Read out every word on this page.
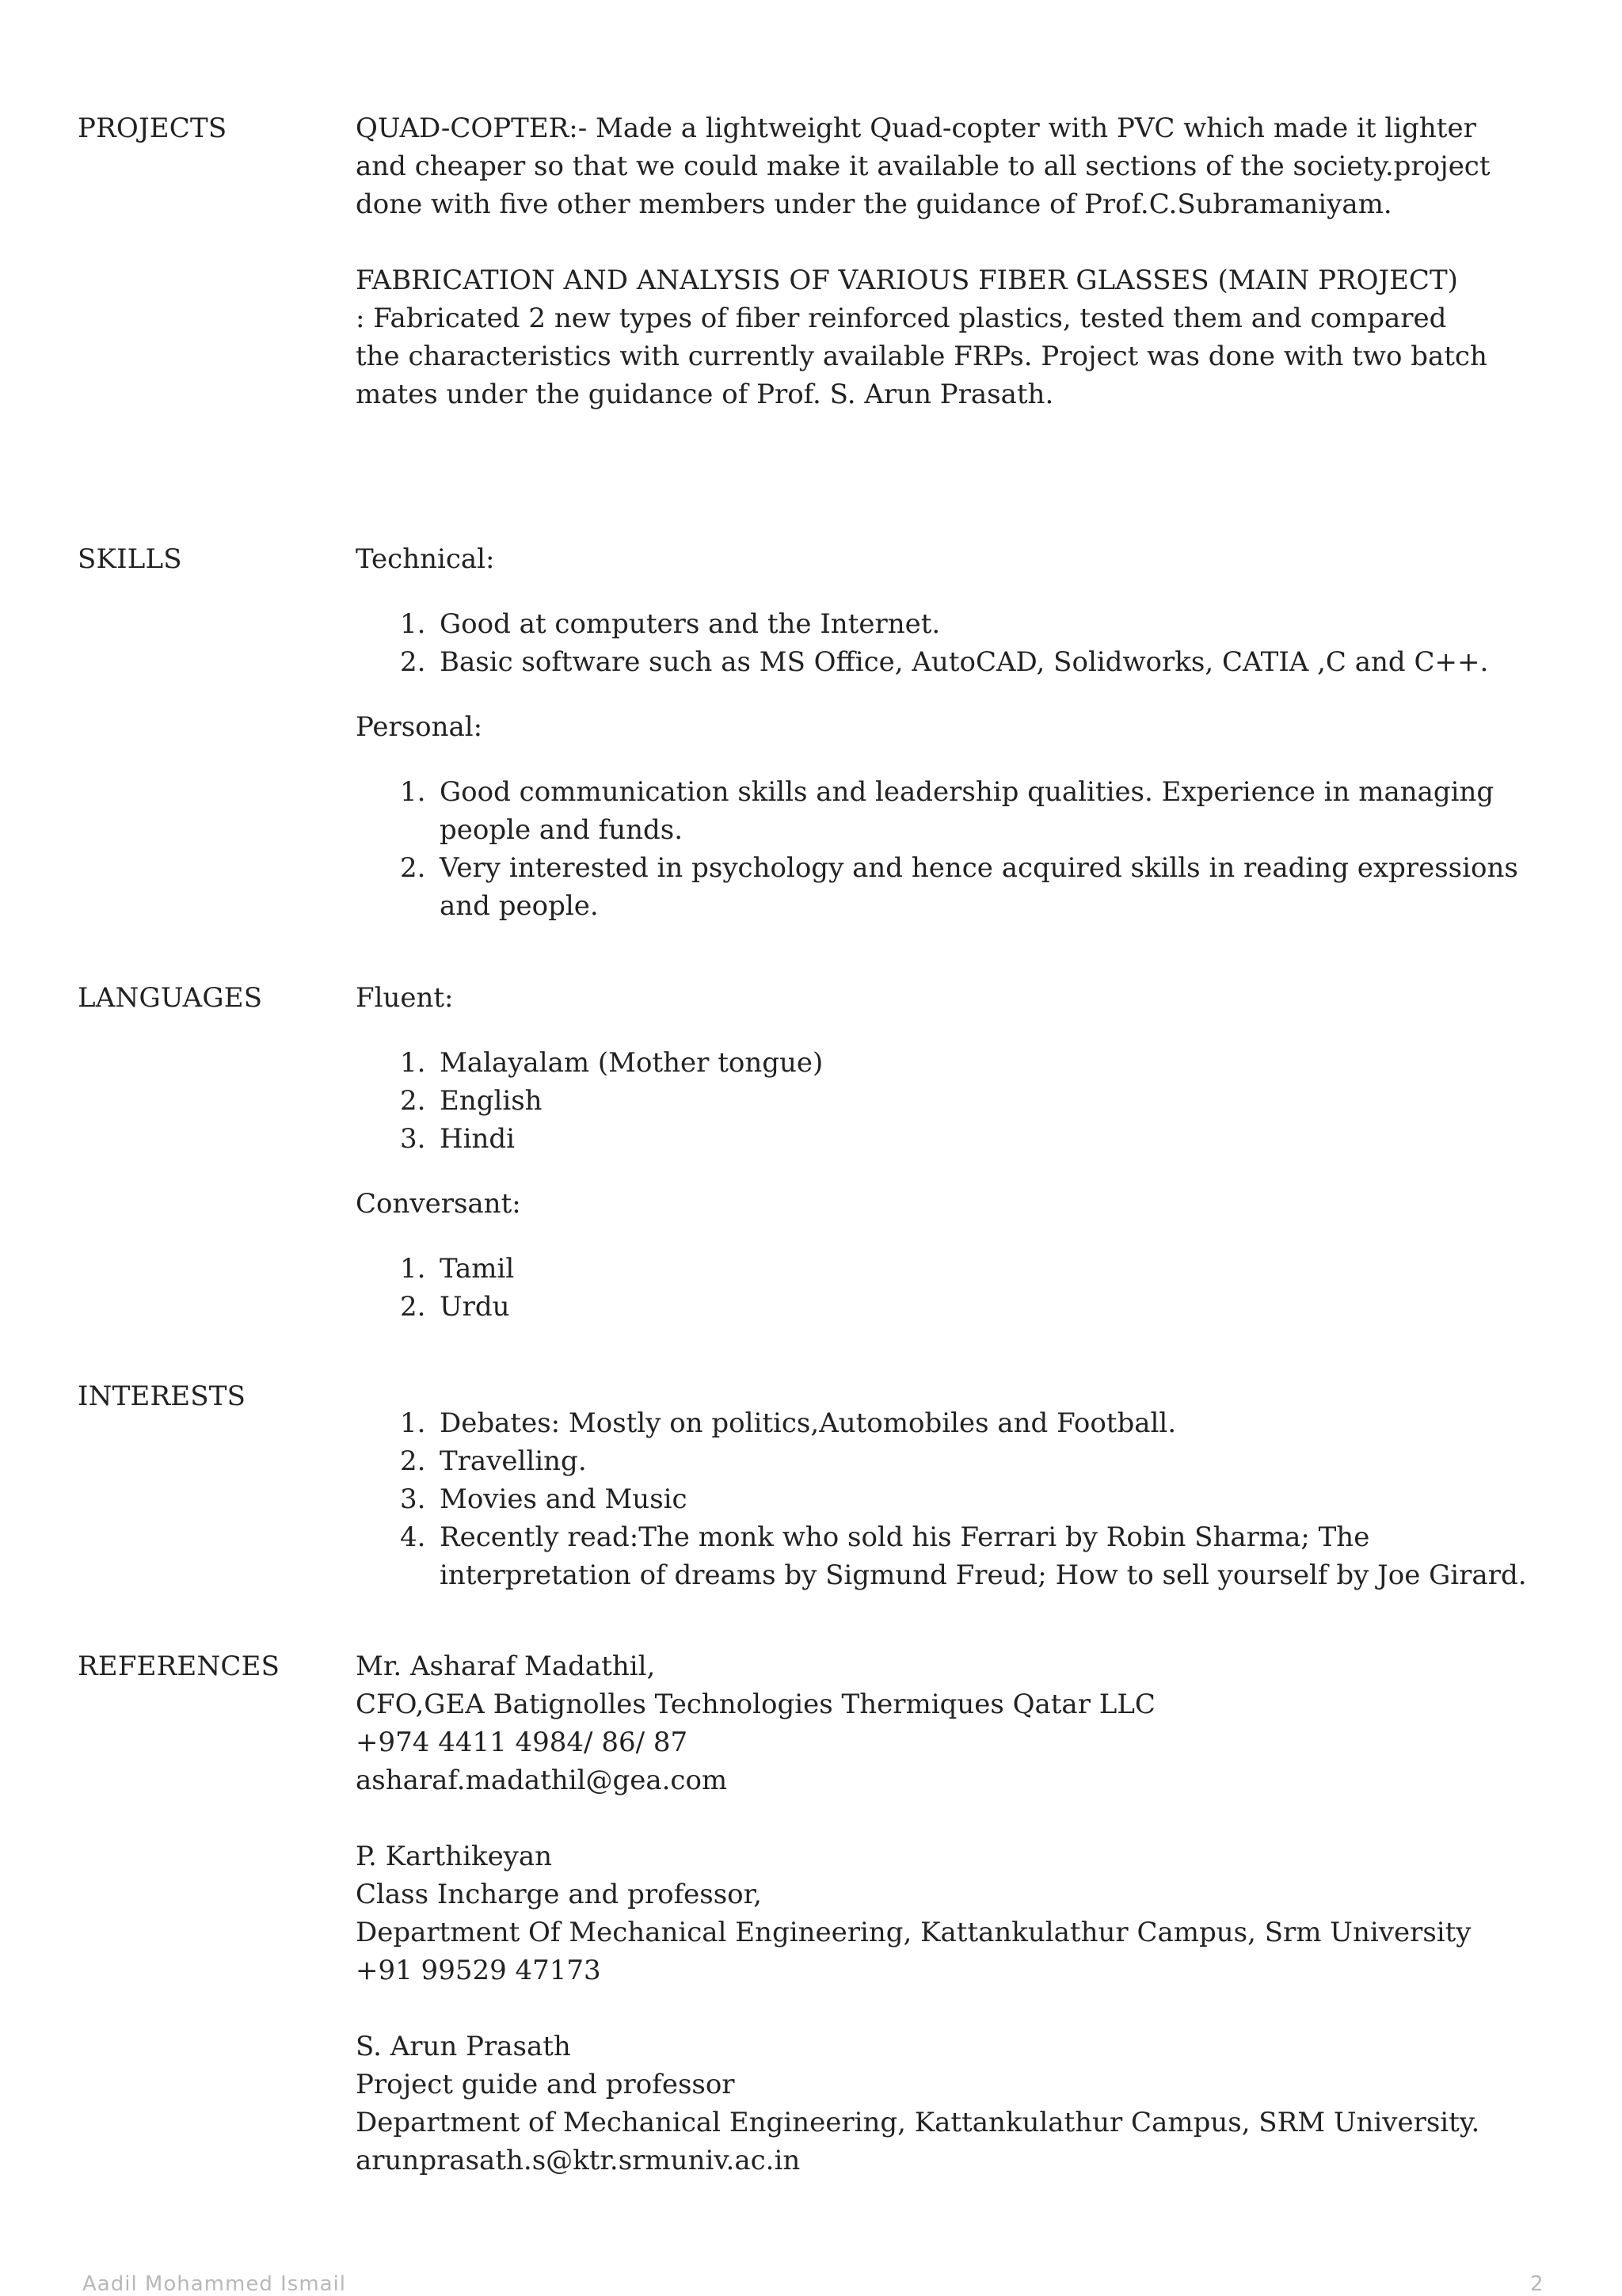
PROJECTS	QUAD-COPTER:- Made a lightweight Quad-copter with PVC which made it lighter and cheaper so that we could make it available to all sections of the society.project done with five other members under the guidance of Prof.C.Subramaniyam.

FABRICATION AND ANALYSIS OF VARIOUS FIBER GLASSES (MAIN PROJECT)
: Fabricated 2 new types of fiber reinforced plastics, tested them and compared
the characteristics with currently available FRPs. Project was done with two batch
mates under the guidance of Prof. S. Arun Prasath.
SKILLS	Technical:

1. Good at computers and the Internet.
2. Basic software such as MS Office, AutoCAD, Solidworks, CATIA ,C and C++.

Personal:

1. Good communication skills and leadership qualities. Experience in managing people and funds.
2. Very interested in psychology and hence acquired skills in reading expressions and people.
LANGUAGES	Fluent:

1. Malayalam (Mother tongue)
2. English
3. Hindi

Conversant:

1. Tamil
2. Urdu
INTERESTS
1. Debates: Mostly on politics,Automobiles and Football.
2. Travelling.
3. Movies and Music
4. Recently read:The monk who sold his Ferrari by Robin Sharma; The interpretation of dreams by Sigmund Freud; How to sell yourself by Joe Girard.
REFERENCES	Mr. Asharaf Madathil,
CFO,GEA Batignolles Technologies Thermiques Qatar LLC
+974 4411 4984/ 86/ 87
asharaf.madathil@gea.com
P. Karthikeyan
Class Incharge and professor,
Department Of Mechanical Engineering, Kattankulathur Campus, Srm University
+91 99529 47173
S. Arun Prasath
Project guide and professor
Department of Mechanical Engineering, Kattankulathur Campus, SRM University.
arunprasath.s@ktr.srmuniv.ac.in
Aadil Mohammed Ismail	2
